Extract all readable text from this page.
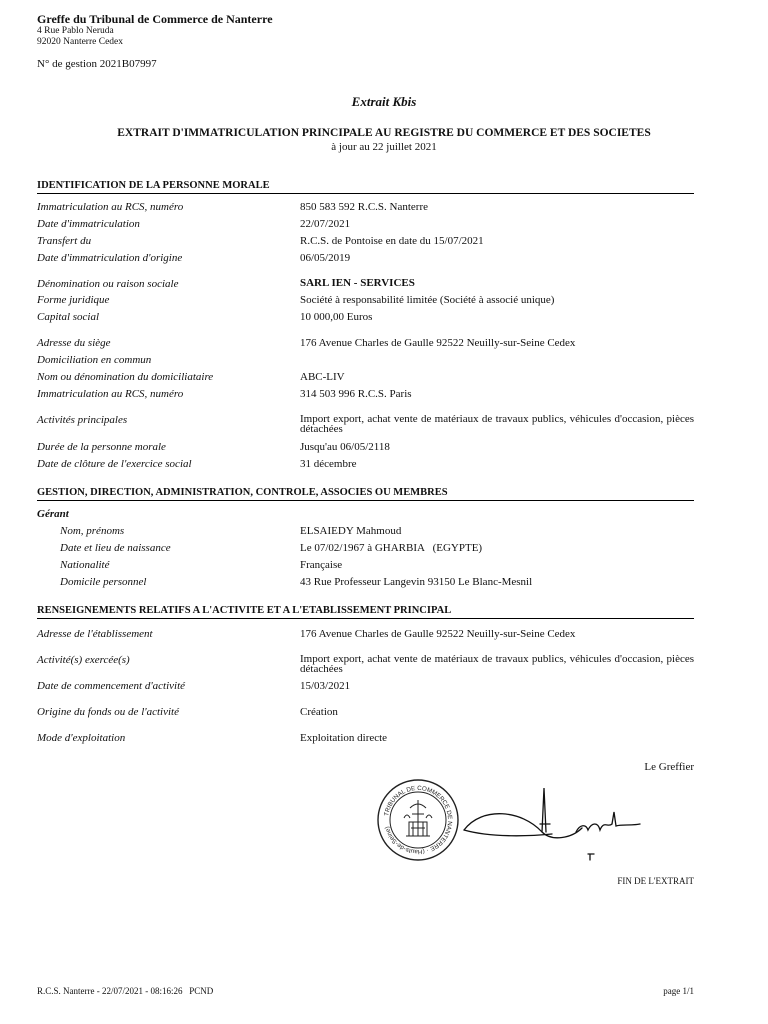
Greffe du Tribunal de Commerce de Nanterre
4 Rue Pablo Neruda
92020 Nanterre Cedex
N° de gestion 2021B07997
Extrait Kbis
EXTRAIT D'IMMATRICULATION PRINCIPALE AU REGISTRE DU COMMERCE ET DES SOCIETES
à jour au 22 juillet 2021
IDENTIFICATION DE LA PERSONNE MORALE
Immatriculation au RCS, numéro	850 583 592 R.C.S. Nanterre
Date d'immatriculation	22/07/2021
Transfert du	R.C.S. de Pontoise en date du 15/07/2021
Date d'immatriculation d'origine	06/05/2019
Dénomination ou raison sociale	SARL IEN - SERVICES
Forme juridique	Société à responsabilité limitée (Société à associé unique)
Capital social	10 000,00 Euros
Adresse du siège	176 Avenue Charles de Gaulle 92522 Neuilly-sur-Seine Cedex
Domiciliation en commun
Nom ou dénomination du domiciliataire	ABC-LIV
Immatriculation au RCS, numéro	314 503 996 R.C.S. Paris
Activités principales	Import export, achat vente de matériaux de travaux publics, véhicules d'occasion, pièces détachées
Durée de la personne morale	Jusqu'au 06/05/2118
Date de clôture de l'exercice social	31 décembre
GESTION, DIRECTION, ADMINISTRATION, CONTROLE, ASSOCIES OU MEMBRES
Gérant
Nom, prénoms	ELSAIEDY Mahmoud
Date et lieu de naissance	Le 07/02/1967 à GHARBIA   (EGYPTE)
Nationalité	Française
Domicile personnel	43 Rue Professeur Langevin 93150 Le Blanc-Mesnil
RENSEIGNEMENTS RELATIFS A L'ACTIVITE ET A L'ETABLISSEMENT PRINCIPAL
Adresse de l'établissement	176 Avenue Charles de Gaulle 92522 Neuilly-sur-Seine Cedex
Activité(s) exercée(s)	Import export, achat vente de matériaux de travaux publics, véhicules d'occasion, pièces détachées
Date de commencement d'activité	15/03/2021
Origine du fonds ou de l'activité	Création
Mode d'exploitation	Exploitation directe
Le Greffier
TRIBUNAL DE COMMERCE DE NANTERRE · (Hauts-de-Seine)
FIN DE L'EXTRAIT
R.C.S. Nanterre - 22/07/2021 - 08:16:26   PCND	page 1/1
